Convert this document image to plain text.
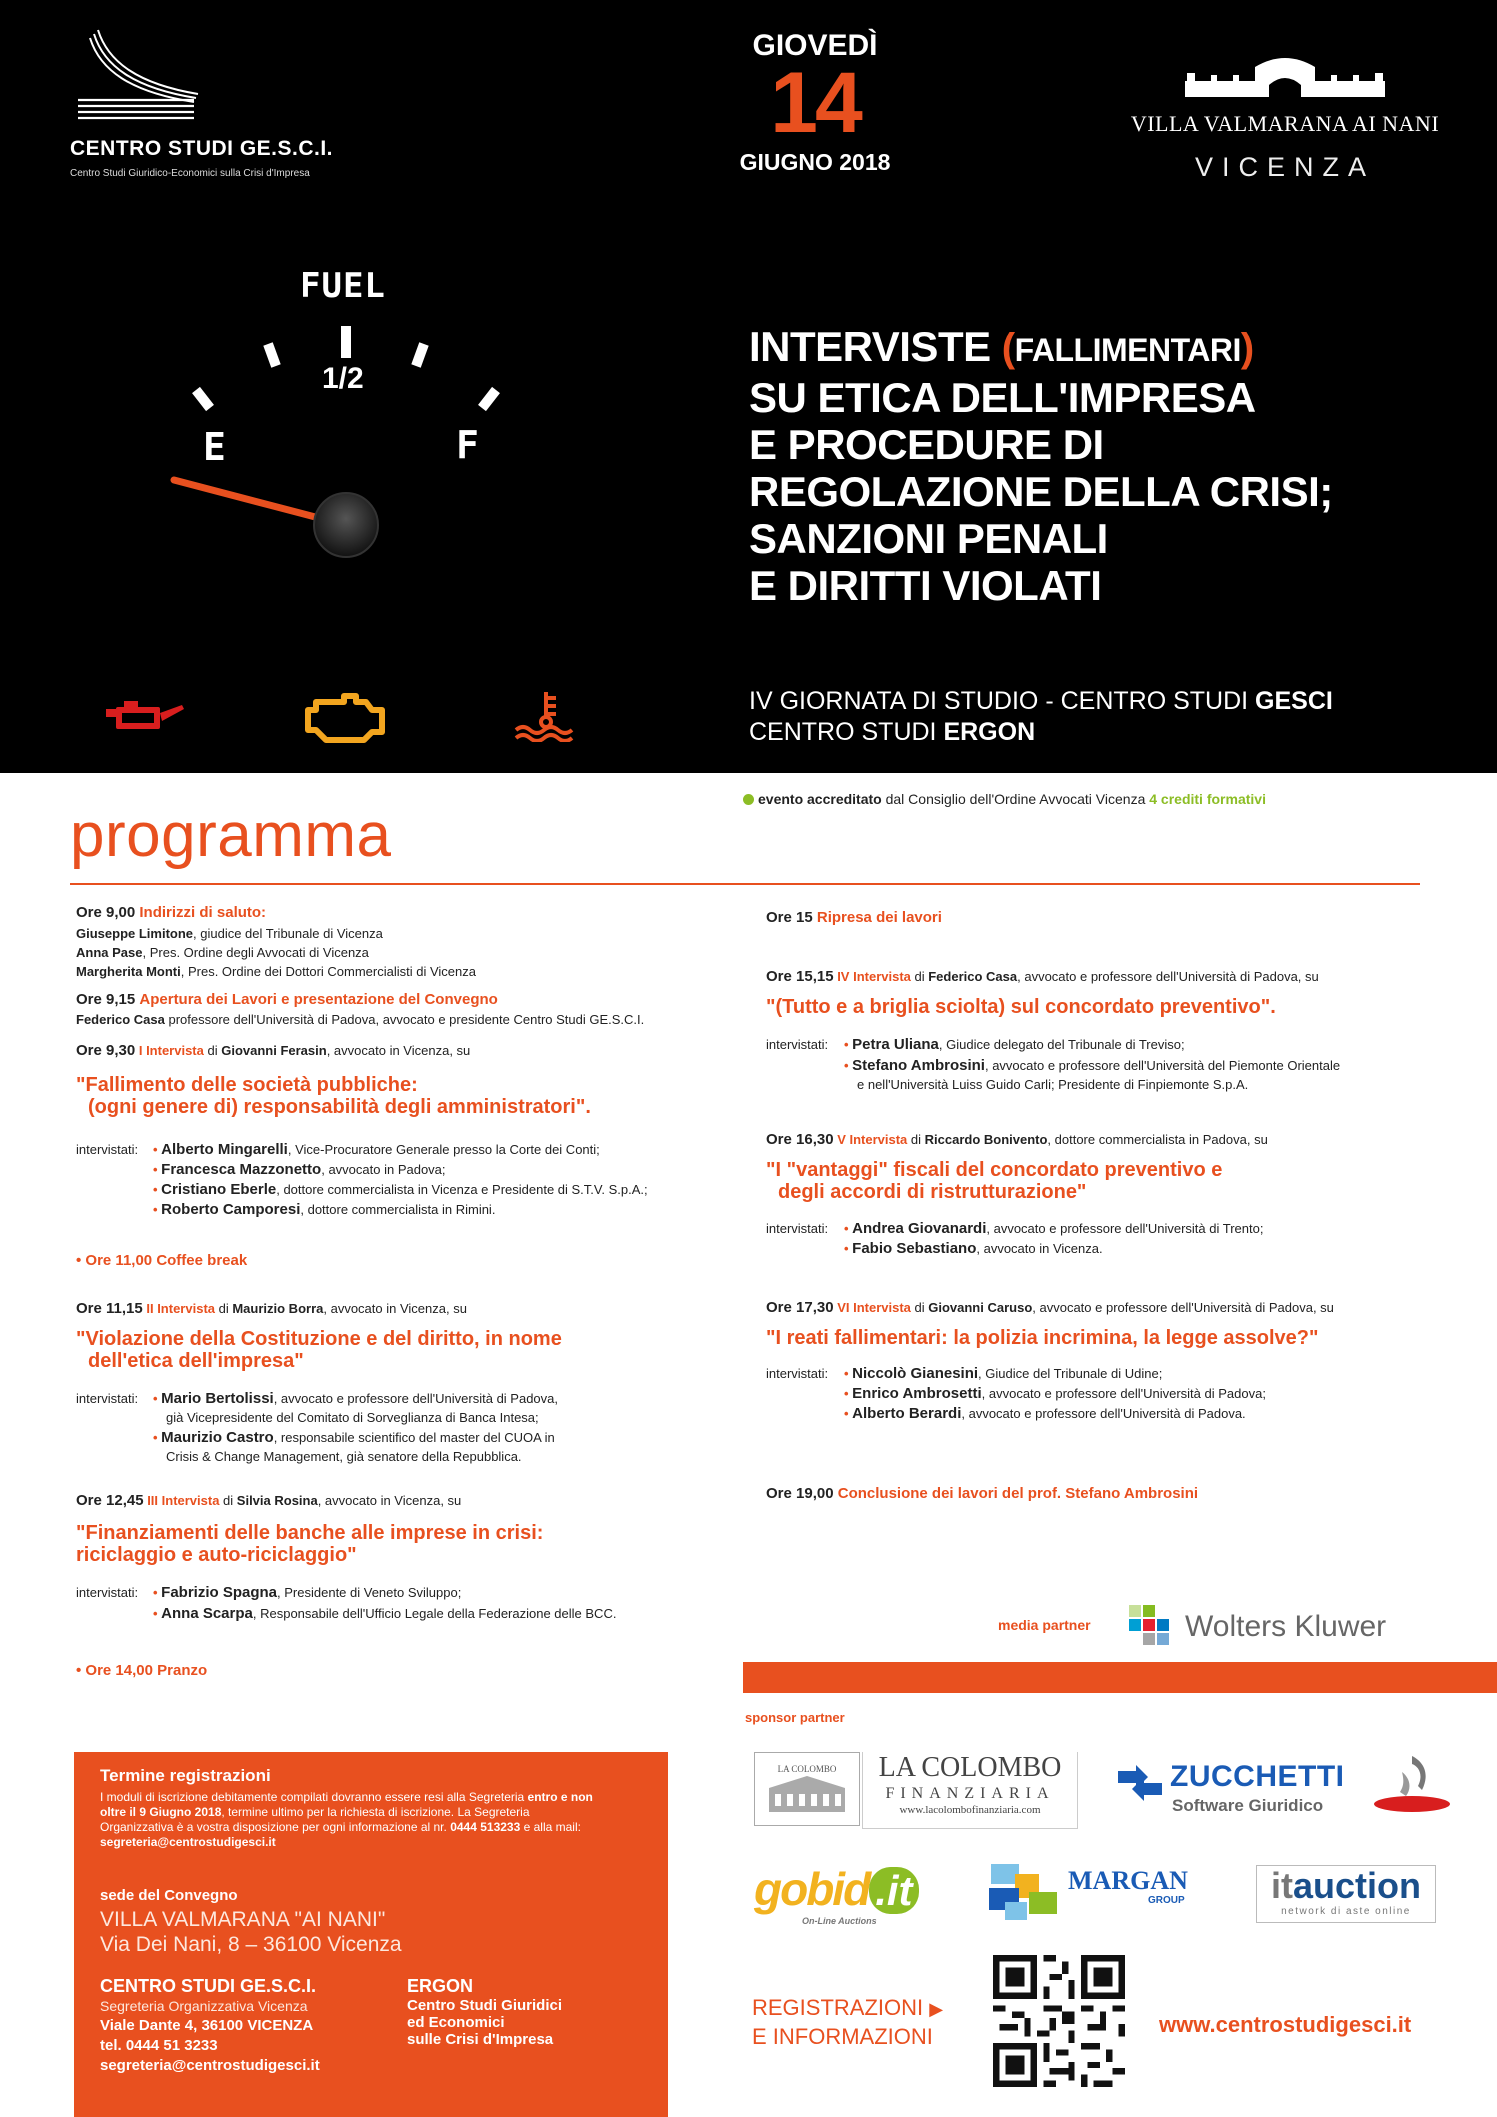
CENTRO STUDI GE.S.C.I.
Centro Studi Giuridico-Economici sulla Crisi d'Impresa
GIOVEDÌ
14
GIUGNO 2018
VILLA VALMARANA AI NANI
VICENZA
FUEL
1/2
E	F
INTERVISTE (FALLIMENTARI)
SU ETICA DELL'IMPRESA
E PROCEDURE DI
REGOLAZIONE DELLA CRISI;
SANZIONI PENALI
E DIRITTI VIOLATI
IV GIORNATA DI STUDIO - CENTRO STUDI GESCI
CENTRO STUDI ERGON
evento accreditato dal Consiglio dell'Ordine Avvocati Vicenza 4 crediti formativi
programma
Ore 9,00 Indirizzi di saluto:
Giuseppe Limitone, giudice del Tribunale di Vicenza
Anna Pase, Pres. Ordine degli Avvocati di Vicenza
Margherita Monti, Pres. Ordine dei Dottori Commercialisti di Vicenza
Ore 9,15 Apertura dei Lavori e presentazione del Convegno
Federico Casa professore dell'Università di Padova, avvocato e presidente Centro Studi GE.S.C.I.
Ore 9,30 I Intervista di Giovanni Ferasin, avvocato in Vicenza, su
"Fallimento delle società pubbliche:
(ogni genere di) responsabilità degli amministratori".
intervistati: • Alberto Mingarelli, Vice-Procuratore Generale presso la Corte dei Conti;
• Francesca Mazzonetto, avvocato in Padova;
• Cristiano Eberle, dottore commercialista in Vicenza e Presidente di S.T.V. S.p.A.;
• Roberto Camporesi, dottore commercialista in Rimini.
• Ore 11,00 Coffee break
Ore 11,15 II Intervista di Maurizio Borra, avvocato in Vicenza, su
"Violazione della Costituzione e del diritto, in nome
dell'etica dell'impresa"
intervistati: • Mario Bertolissi, avvocato e professore dell'Università di Padova,
già Vicepresidente del Comitato di Sorveglianza di Banca Intesa;
• Maurizio Castro, responsabile scientifico del master del CUOA in
Crisis & Change Management, già senatore della Repubblica.
Ore 12,45 III Intervista di Silvia Rosina, avvocato in Vicenza, su
"Finanziamenti delle banche alle imprese in crisi:
riciclaggio e auto-riciclaggio"
intervistati: • Fabrizio Spagna, Presidente di Veneto Sviluppo;
• Anna Scarpa, Responsabile dell'Ufficio Legale della Federazione delle BCC.
• Ore 14,00 Pranzo
Ore 15 Ripresa dei lavori
Ore 15,15 IV Intervista di Federico Casa, avvocato e professore dell'Università di Padova, su
"(Tutto e a briglia sciolta) sul concordato preventivo".
intervistati: • Petra Uliana, Giudice delegato del Tribunale di Treviso;
• Stefano Ambrosini, avvocato e professore dell'Università del Piemonte Orientale
e nell'Università Luiss Guido Carli; Presidente di Finpiemonte S.p.A.
Ore 16,30 V Intervista di Riccardo Bonivento, dottore commercialista in Padova, su
"I "vantaggi" fiscali del concordato preventivo e
degli accordi di ristrutturazione"
intervistati: • Andrea Giovanardi, avvocato e professore dell'Università di Trento;
• Fabio Sebastiano, avvocato in Vicenza.
Ore 17,30 VI Intervista di Giovanni Caruso, avvocato e professore dell'Università di Padova, su
"I reati fallimentari: la polizia incrimina, la legge assolve?"
intervistati: • Niccolò Gianesini, Giudice del Tribunale di Udine;
• Enrico Ambrosetti, avvocato e professore dell'Università di Padova;
• Alberto Berardi, avvocato e professore dell'Università di Padova.
Ore 19,00 Conclusione dei lavori del prof. Stefano Ambrosini
media partner	Wolters Kluwer
sponsor partner
LA COLOMBO	LA COLOMBO
FINANZIARIA
www.lacolombofinanziaria.com
ZUCCHETTI
Software Giuridico
gobid .it
On-Line Auctions
MARGAN
GROUP	itauction
network di aste online
Termine registrazioni
I moduli di iscrizione debitamente compilati dovranno essere resi alla Segreteria entro e non
oltre il 9 Giugno 2018, termine ultimo per la richiesta di iscrizione. La Segreteria
Organizzativa è a vostra disposizione per ogni informazione al nr. 0444 513233 e alla mail:
segreteria@centrostudigesci.it
sede del Convegno
VILLA VALMARANA "AI NANI"
Via Dei Nani, 8 – 36100 Vicenza
CENTRO STUDI GE.S.C.I.
Segreteria Organizzativa Vicenza
Viale Dante 4, 36100 VICENZA
tel. 0444 51 3233
segreteria@centrostudigesci.it
ERGON
Centro Studi Giuridici
ed Economici
sulle Crisi d'Impresa
REGISTRAZIONI ▶
E INFORMAZIONI	www.centrostudigesci.it
